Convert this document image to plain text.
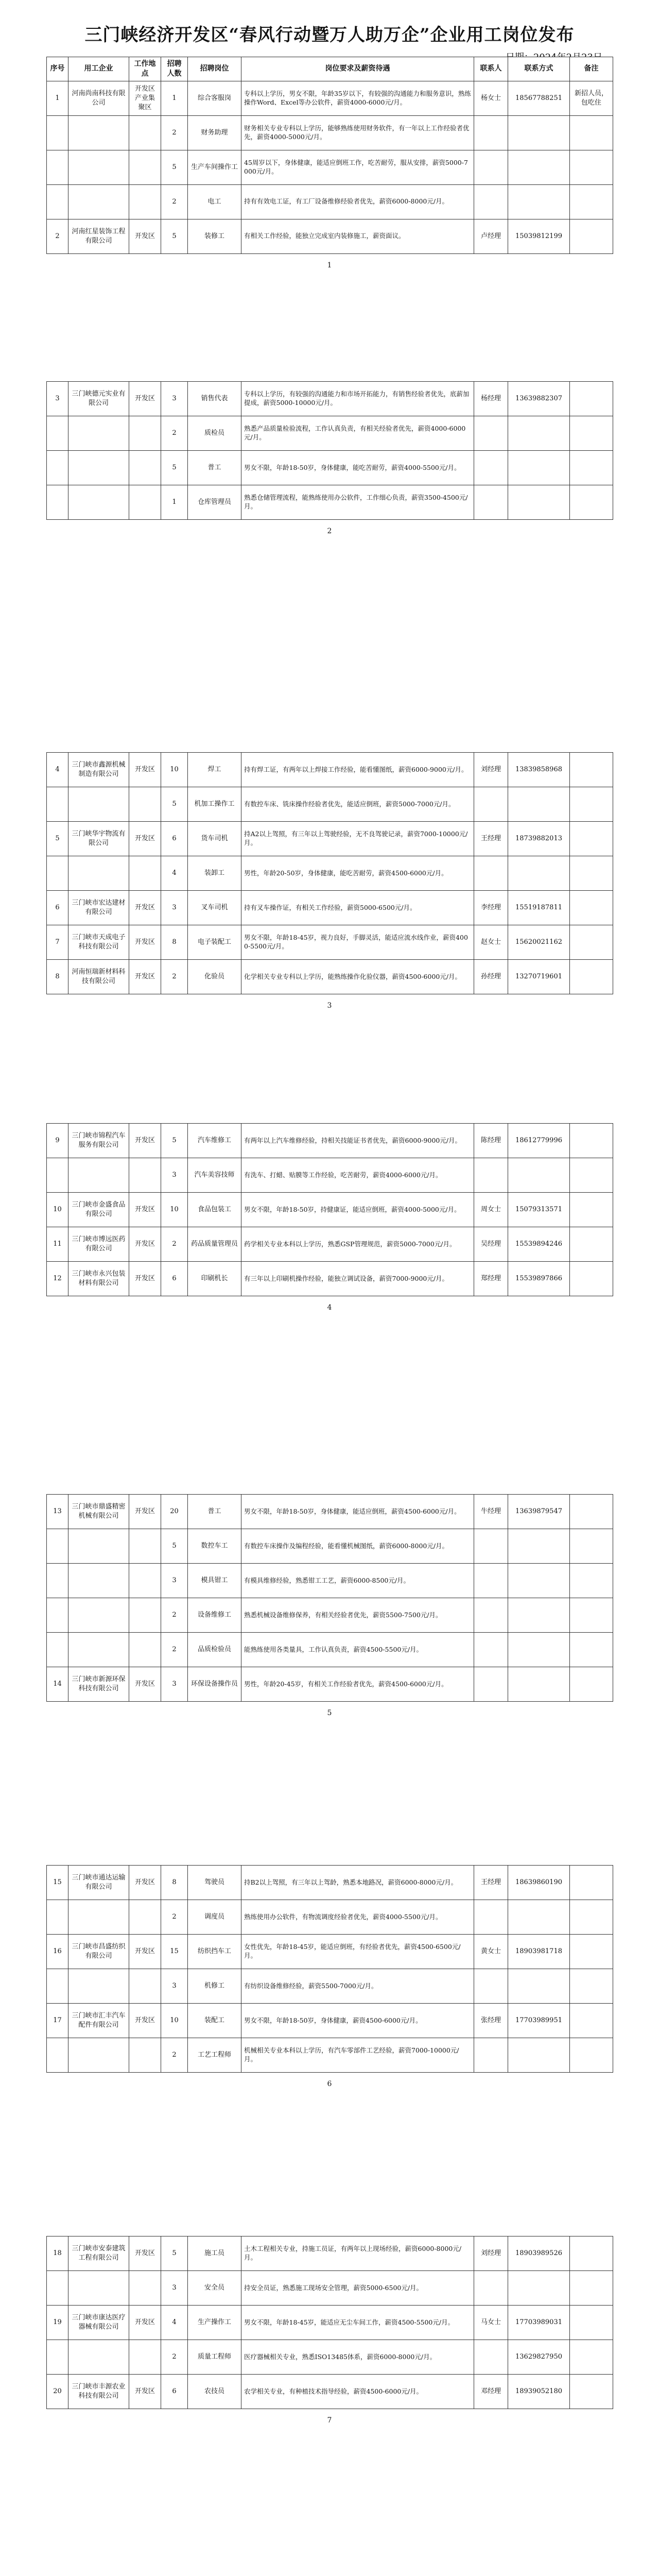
三门峡经济开发区“春风行动暨万人助万企”企业用工岗位发布
序号	用工企业	工作地点	招聘人数	招聘岗位	岗位要求及薪资待遇	联系人	联系方式	备注
1	河南尚南科技有限公司	开发区产业集聚区	1	综合客服岗	专科以上学历，男女不限，年龄35岁以下，有较强的沟通能力和服务意识，熟练操作Word、Excel等办公软件，薪资4000-6000元/月。	杨女士	18567788251	新招人员，包吃住
			2	财务助理	财务相关专业专科以上学历，能够熟练使用财务软件，有一年以上工作经验者优先，薪资4000-5000元/月。			
			5	生产车间操作工	45周岁以下，身体健康，能适应倒班工作，吃苦耐劳，服从安排，薪资5000-7000元/月。			
			2	电工	持有有效电工证，有工厂设备维修经验者优先，薪资6000-8000元/月。			
2	河南红星装饰工程有限公司	开发区	5	装修工	有相关工作经验，能独立完成室内装修施工，薪资面议。	卢经理	15039812199	
1
3	三门峡德元实业有限公司	开发区	3	销售代表	专科以上学历，有较强的沟通能力和市场开拓能力，有销售经验者优先，底薪加提成，薪资5000-10000元/月。	杨经理	13639882307	
			2	质检员	熟悉产品质量检验流程，工作认真负责，有相关经验者优先，薪资4000-6000元/月。			
			5	普工	男女不限，年龄18-50岁，身体健康，能吃苦耐劳，薪资4000-5500元/月。			
			1	仓库管理员	熟悉仓储管理流程，能熟练使用办公软件，工作细心负责，薪资3500-4500元/月。			
2
4	三门峡市鑫源机械制造有限公司	开发区	10	焊工	持有焊工证，有两年以上焊接工作经验，能看懂图纸，薪资6000-9000元/月。	刘经理	13839858968	
			5	机加工操作工	有数控车床、铣床操作经验者优先，能适应倒班，薪资5000-7000元/月。			
5	三门峡华宇物流有限公司	开发区	6	货车司机	持A2以上驾照，有三年以上驾驶经验，无不良驾驶记录，薪资7000-10000元/月。	王经理	18739882013	
			4	装卸工	男性，年龄20-50岁，身体健康，能吃苦耐劳，薪资4500-6000元/月。			
6	三门峡市宏达建材有限公司	开发区	3	叉车司机	持有叉车操作证，有相关工作经验，薪资5000-6500元/月。	李经理	15519187811	
7	三门峡市天成电子科技有限公司	开发区	8	电子装配工	男女不限，年龄18-45岁，视力良好，手脚灵活，能适应流水线作业，薪资4000-5500元/月。	赵女士	15620021162	
8	河南恒瑞新材料科技有限公司	开发区	2	化验员	化学相关专业专科以上学历，能熟练操作化验仪器，薪资4500-6000元/月。	孙经理	13270719601	
3
9	三门峡市锦程汽车服务有限公司	开发区	5	汽车维修工	有两年以上汽车维修经验，持相关技能证书者优先，薪资6000-9000元/月。	陈经理	18612779996	
			3	汽车美容技师	有洗车、打蜡、贴膜等工作经验，吃苦耐劳，薪资4000-6000元/月。			
10	三门峡市金盛食品有限公司	开发区	10	食品包装工	男女不限，年龄18-50岁，持健康证，能适应倒班，薪资4000-5000元/月。	周女士	15079313571	
11	三门峡市博远医药有限公司	开发区	2	药品质量管理员	药学相关专业本科以上学历，熟悉GSP管理规范，薪资5000-7000元/月。	吴经理	15539894246	
12	三门峡市永兴包装材料有限公司	开发区	6	印刷机长	有三年以上印刷机操作经验，能独立调试设备，薪资7000-9000元/月。	郑经理	15539897866	
4
13	三门峡市鼎盛精密机械有限公司	开发区	20	普工	男女不限，年龄18-50岁，身体健康，能适应倒班，薪资4500-6000元/月。	牛经理	13639879547	
			5	数控车工	有数控车床操作及编程经验，能看懂机械图纸，薪资6000-8000元/月。			
			3	模具钳工	有模具维修经验，熟悉钳工工艺，薪资6000-8500元/月。			
			2	设备维修工	熟悉机械设备维修保养，有相关经验者优先，薪资5500-7500元/月。			
			2	品质检验员	能熟练使用各类量具，工作认真负责，薪资4500-5500元/月。			
14	三门峡市新源环保科技有限公司	开发区	3	环保设备操作员	男性，年龄20-45岁，有相关工作经验者优先，薪资4500-6000元/月。			
5
15	三门峡市通达运输有限公司	开发区	8	驾驶员	持B2以上驾照，有三年以上驾龄，熟悉本地路况，薪资6000-8000元/月。	王经理	18639860190	
			2	调度员	熟练使用办公软件，有物流调度经验者优先，薪资4000-5500元/月。			
16	三门峡市昌盛纺织有限公司	开发区	15	纺织挡车工	女性优先，年龄18-45岁，能适应倒班，有经验者优先，薪资4500-6500元/月。	黄女士	18903981718	
			3	机修工	有纺织设备维修经验，薪资5500-7000元/月。			
17	三门峡市汇丰汽车配件有限公司	开发区	10	装配工	男女不限，年龄18-50岁，身体健康，薪资4500-6000元/月。	张经理	17703989951	
			2	工艺工程师	机械相关专业本科以上学历，有汽车零部件工艺经验，薪资7000-10000元/月。			
6
18	三门峡市安泰建筑工程有限公司	开发区	5	施工员	土木工程相关专业，持施工员证，有两年以上现场经验，薪资6000-8000元/月。	刘经理	18903989526	
			3	安全员	持安全员证，熟悉施工现场安全管理，薪资5000-6500元/月。			
19	三门峡市康达医疗器械有限公司	开发区	4	生产操作工	男女不限，年龄18-45岁，能适应无尘车间工作，薪资4500-5500元/月。	马女士	17703989031	
			2	质量工程师	医疗器械相关专业，熟悉ISO13485体系，薪资6000-8000元/月。		13629827950	
20	三门峡市丰源农业科技有限公司	开发区	6	农技员	农学相关专业，有种植技术指导经验，薪资4500-6000元/月。	邓经理	18939052180	
7
